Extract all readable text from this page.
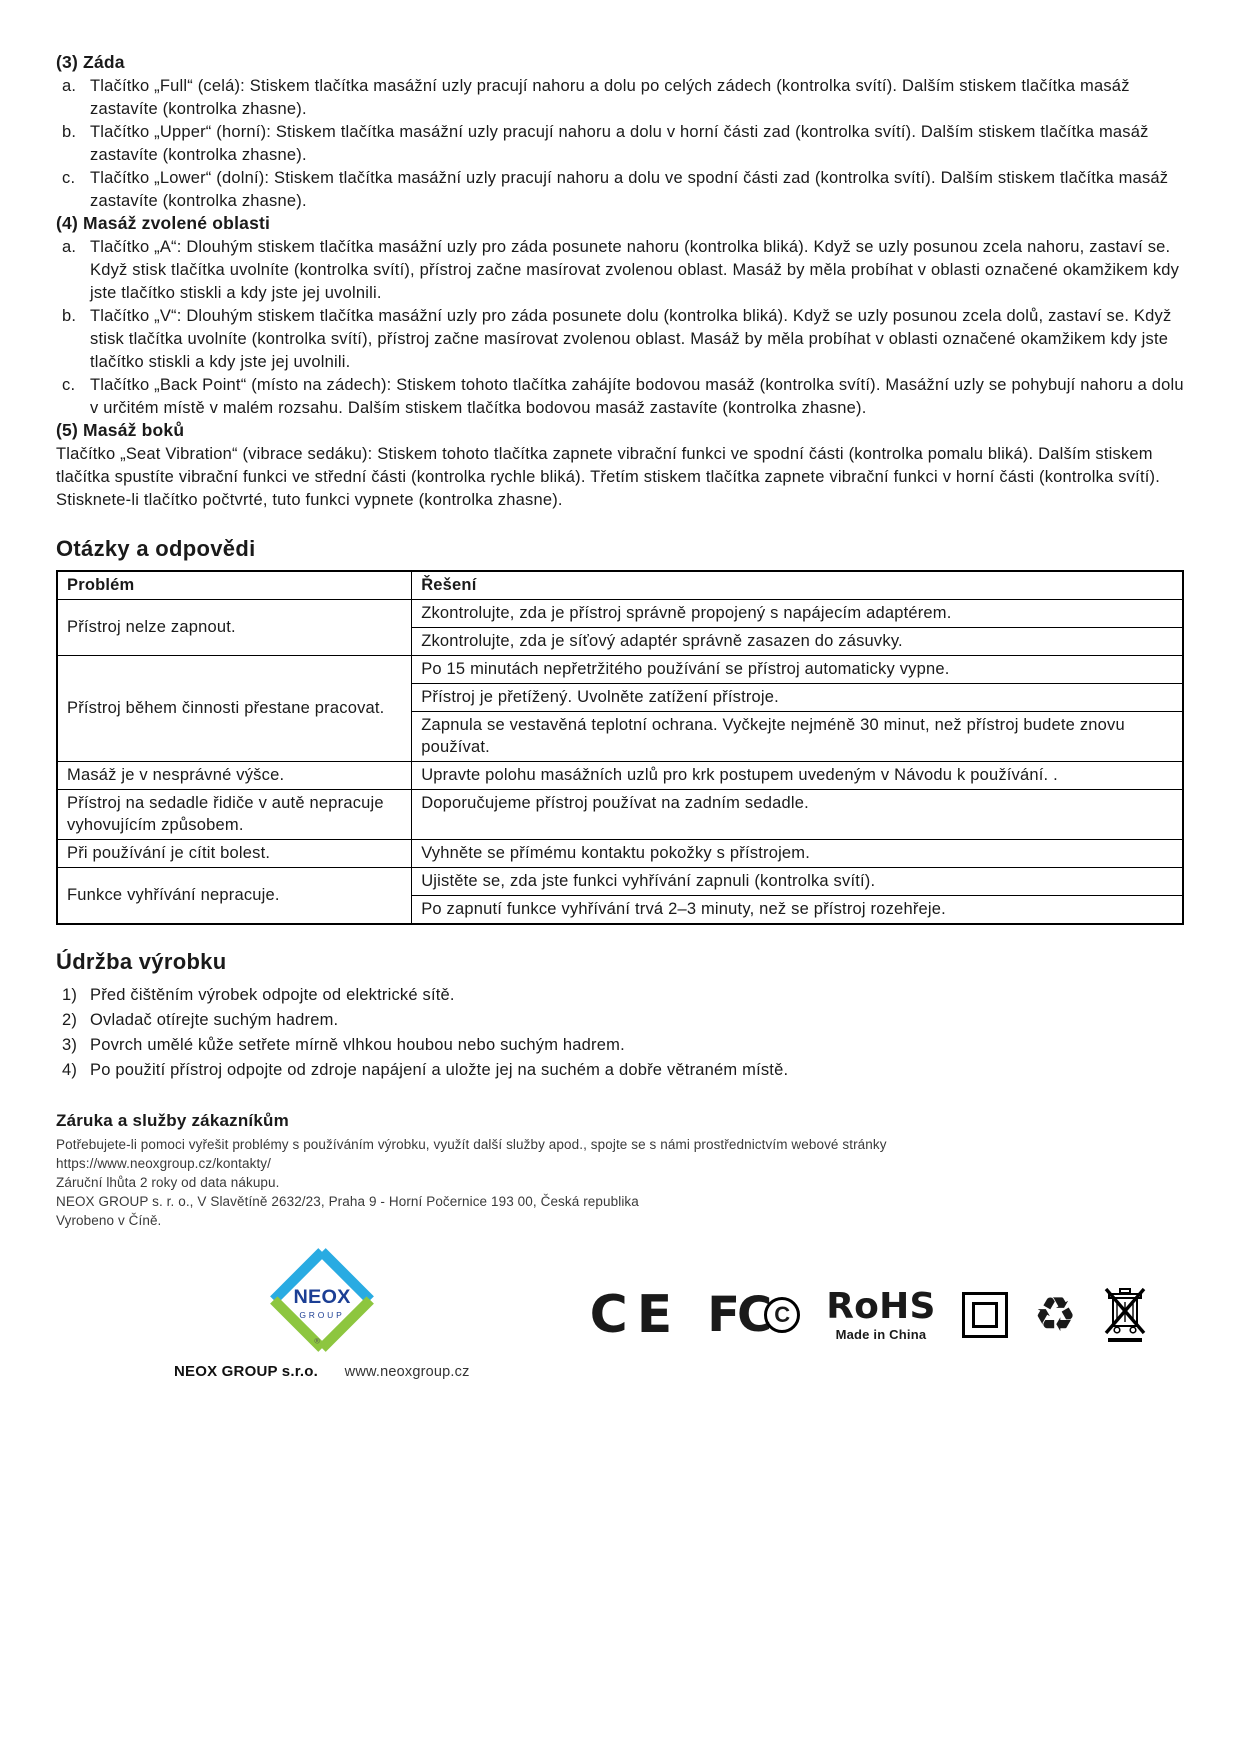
(3) Záda
a. Tlačítko „Full“ (celá): Stiskem tlačítka masážní uzly pracují nahoru a dolu po celých zádech (kontrolka svítí). Dalším stiskem tlačítka masáž zastavíte (kontrolka zhasne).
b. Tlačítko „Upper“ (horní): Stiskem tlačítka masážní uzly pracují nahoru a dolu v horní části zad (kontrolka svítí). Dalším stiskem tlačítka masáž zastavíte (kontrolka zhasne).
c. Tlačítko „Lower“ (dolní): Stiskem tlačítka masážní uzly pracují nahoru a dolu ve spodní části zad (kontrolka svítí). Dalším stiskem tlačítka masáž zastavíte (kontrolka zhasne).
(4) Masáž zvolené oblasti
a. Tlačítko „A“: Dlouhým stiskem tlačítka masážní uzly pro záda posunete nahoru (kontrolka bliká). Když se uzly posunou zcela nahoru, zastaví se. Když stisk tlačítka uvolníte (kontrolka svítí), přístroj začne masírovat zvolenou oblast. Masáž by měla probíhat v oblasti označené okamžikem kdy jste tlačítko stiskli a kdy jste jej uvolnili.
b. Tlačítko „V“: Dlouhým stiskem tlačítka masážní uzly pro záda posunete dolu (kontrolka bliká). Když se uzly posunou zcela dolů, zastaví se. Když stisk tlačítka uvolníte (kontrolka svítí), přístroj začne masírovat zvolenou oblast. Masáž by měla probíhat v oblasti označené okamžikem kdy jste tlačítko stiskli a kdy jste jej uvolnili.
c. Tlačítko „Back Point“ (místo na zádech): Stiskem tohoto tlačítka zahájíte bodovou masáž (kontrolka svítí). Masážní uzly se pohybují nahoru a dolu v určitém místě v malém rozsahu. Dalším stiskem tlačítka bodovou masáž zastavíte (kontrolka zhasne).
(5) Masáž boků

Tlačítko „Seat Vibration“ (vibrace sedáku): Stiskem tohoto tlačítka zapnete vibrační funkci ve spodní části (kontrolka pomalu bliká). Dalším stiskem tlačítka spustíte vibrační funkci ve střední části (kontrolka rychle bliká). Třetím stiskem tlačítka zapnete vibrační funkci v horní části (kontrolka svítí). Stisknete-li tlačítko počtvrté, tuto funkci vypnete (kontrolka zhasne).

Otázky a odpovědi
Problém	Řešení
Přístroj nelze zapnout.	Zkontrolujte, zda je přístroj správně propojený s napájecím adaptérem.
	Zkontrolujte, zda je síťový adaptér správně zasazen do zásuvky.
Přístroj během činnosti přestane pracovat.	Po 15 minutách nepřetržitého používání se přístroj automaticky vypne.
	Přístroj je přetížený. Uvolněte zatížení přístroje.
	Zapnula se vestavěná teplotní ochrana. Vyčkejte nejméně 30 minut, než přístroj budete znovu používat.
Masáž je v nesprávné výšce.	Upravte polohu masážních uzlů pro krk postupem uvedeným v Návodu k používání. .
Přístroj na sedadle řidiče v autě nepracuje vyhovujícím způsobem.	Doporučujeme přístroj používat na zadním sedadle.
Při používání je cítit bolest.	Vyhněte se přímému kontaktu pokožky s přístrojem.
Funkce vyhřívání nepracuje.	Ujistěte se, zda jste funkci vyhřívání zapnuli (kontrolka svítí).
	Po zapnutí funkce vyhřívání trvá 2–3 minuty, než se přístroj rozehřeje.
Údržba výrobku
1) Před čištěním výrobek odpojte od elektrické sítě.
2) Ovladač otírejte suchým hadrem.
3) Povrch umělé kůže setřete mírně vlhkou houbou nebo suchým hadrem.
4) Po použití přístroj odpojte od zdroje napájení a uložte jej na suchém a dobře větraném místě.
Záruka a služby zákazníkům
Potřebujete-li pomoci vyřešit problémy s používáním výrobku, využít další služby apod., spojte se s námi prostřednictvím webové stránky
https://www.neoxgroup.cz/kontakty/
Záruční lhůta 2 roky od data nákupu.
NEOX GROUP s. r. o., V Slavětíně 2632/23, Praha 9 - Horní Počernice 193 00, Česká republika
Vyrobeno v Číně.
NEOX
GROUP
®
NEOX GROUP s.r.o. www.neoxgroup.cz
CE FC C RoHS
Made in China ♻
